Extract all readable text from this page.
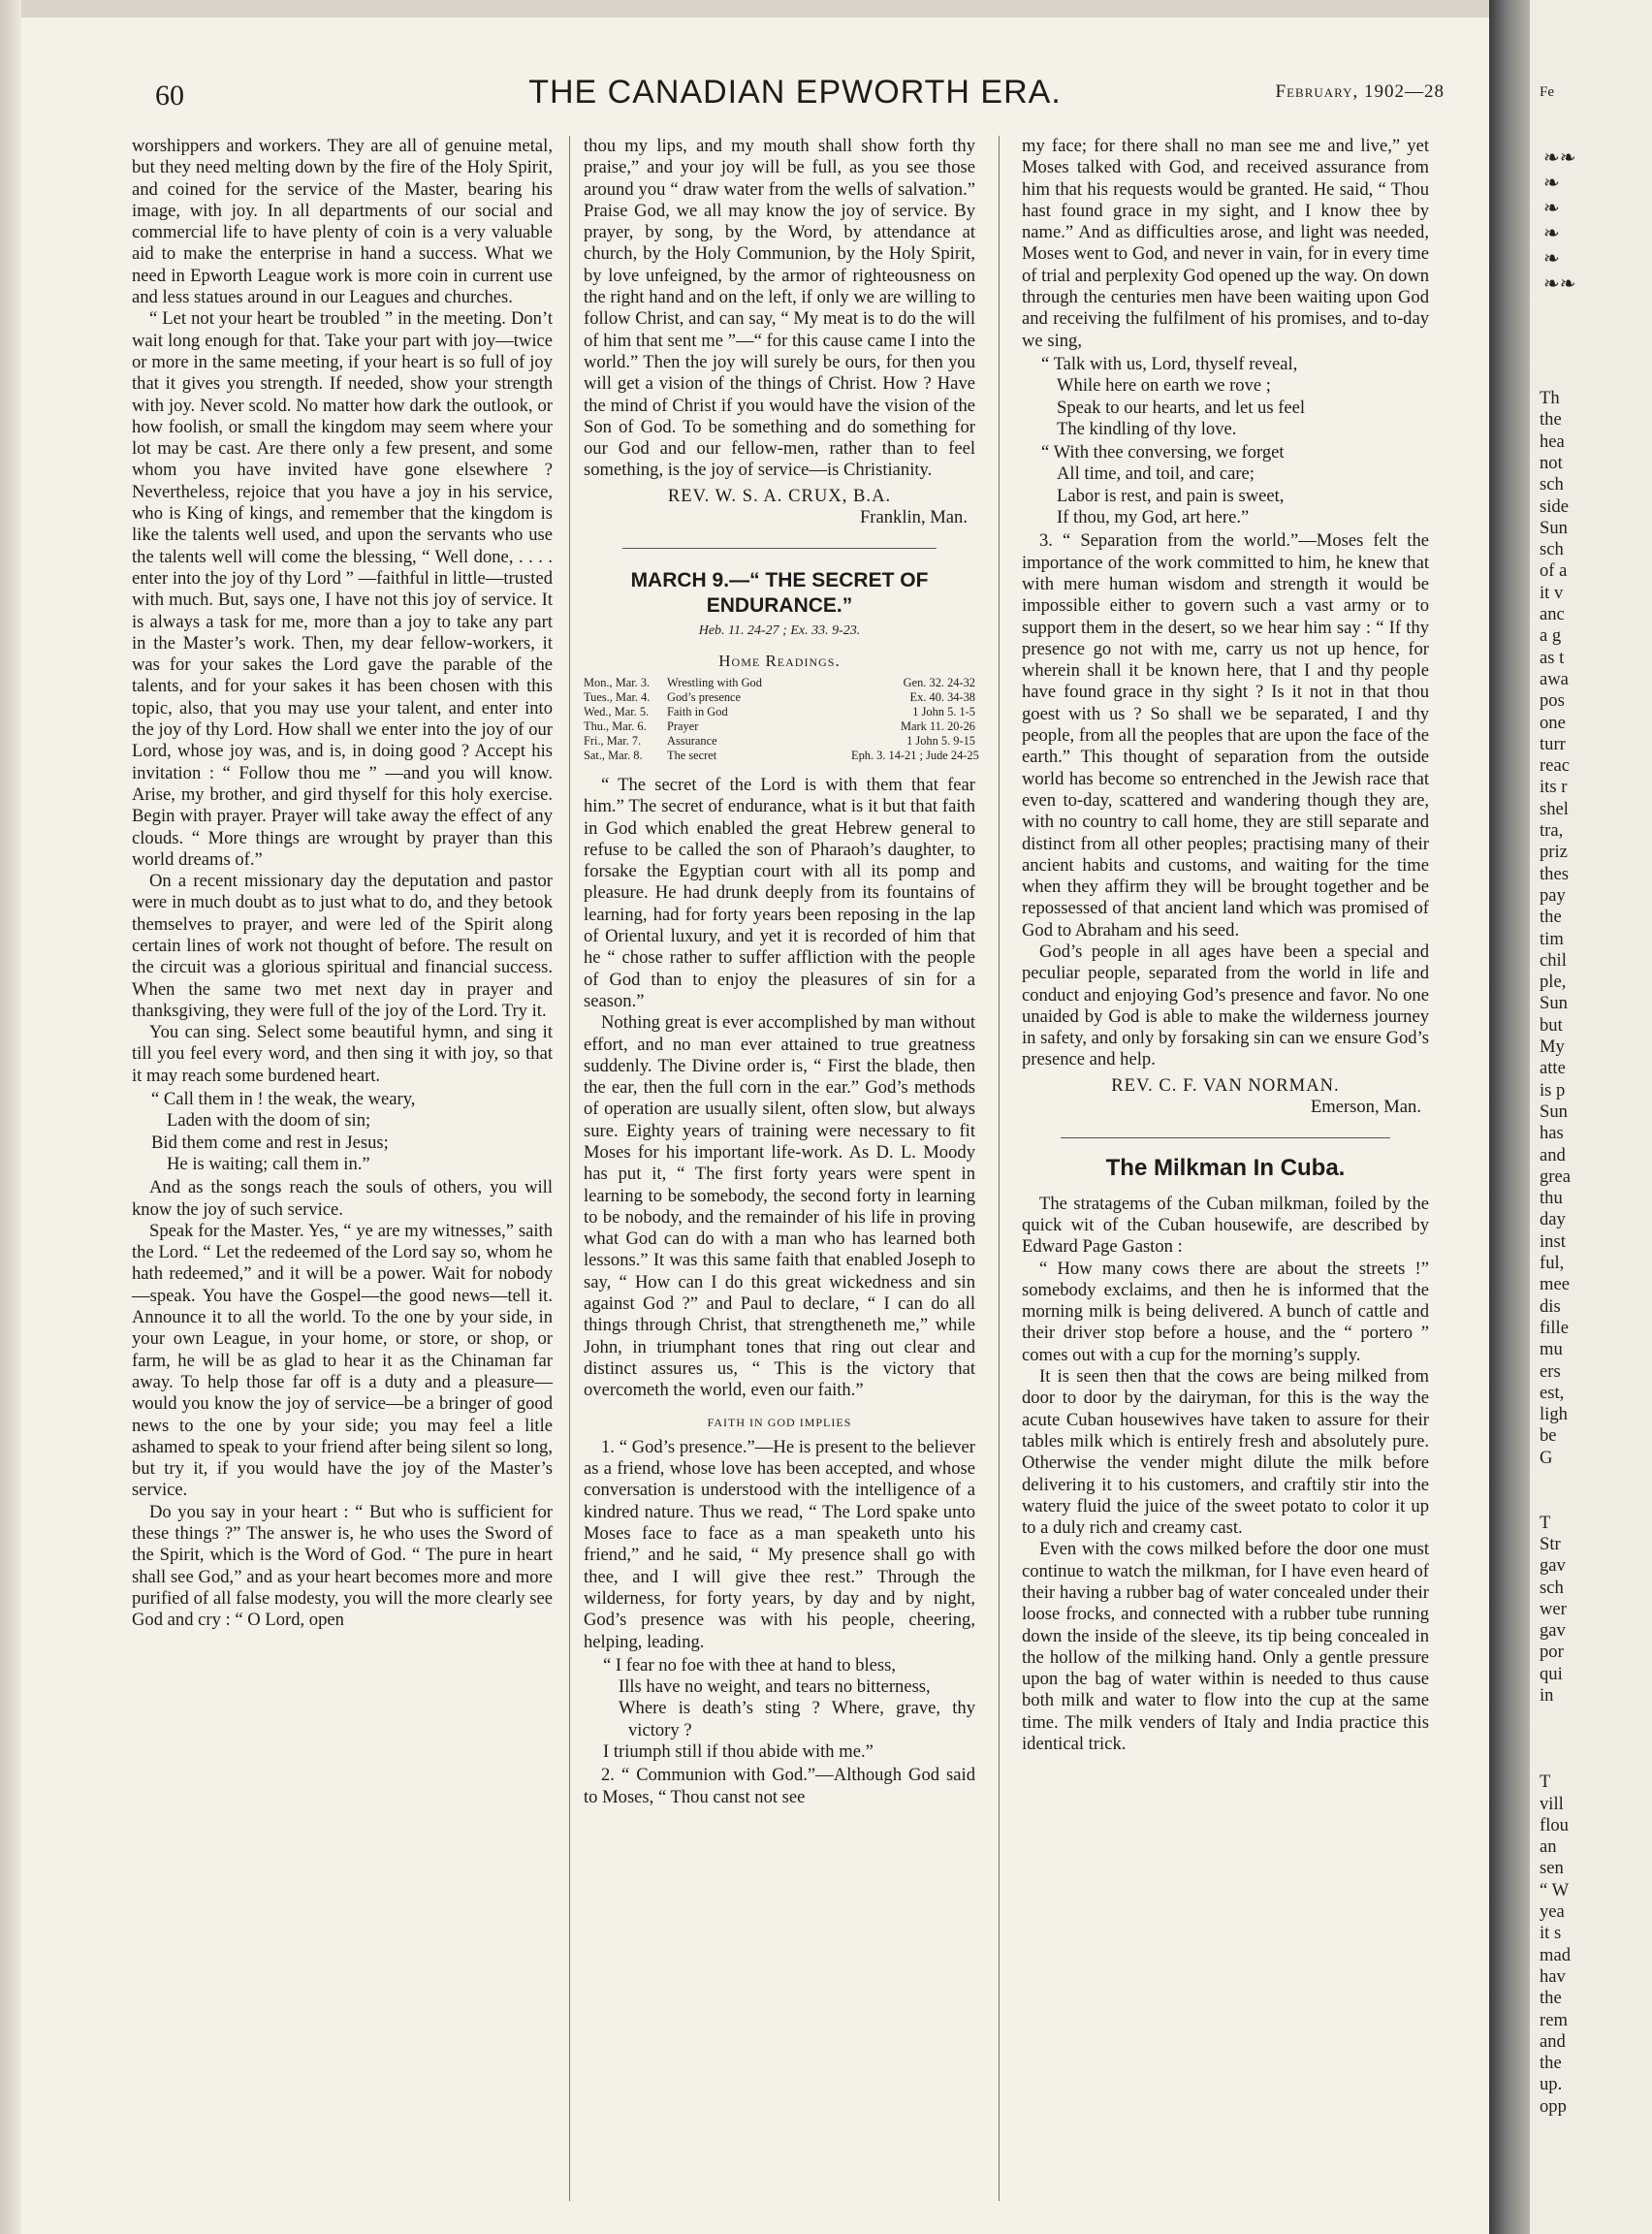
60	THE CANADIAN EPWORTH ERA.	February, 1902—28

worshippers and workers. They are all of genuine metal, but they need melting down by the fire of the Holy Spirit, and coined for the service of the Master, bearing his image, with joy. In all departments of our social and commercial life to have plenty of coin is a very valuable aid to make the enterprise in hand a success. What we need in Epworth League work is more coin in current use and less statues around in our Leagues and churches.

“ Let not your heart be troubled ” in the meeting. Don’t wait long enough for that. Take your part with joy—twice or more in the same meeting, if your heart is so full of joy that it gives you strength. If needed, show your strength with joy. Never scold. No matter how dark the outlook, or how foolish, or small the kingdom may seem where your lot may be cast. Are there only a few present, and some whom you have invited have gone elsewhere ? Nevertheless, rejoice that you have a joy in his service, who is King of kings, and remember that the kingdom is like the talents well used, and upon the servants who use the talents well will come the blessing, “ Well done, . . . . enter into the joy of thy Lord ” —faithful in little—trusted with much. But, says one, I have not this joy of service. It is always a task for me, more than a joy to take any part in the Master’s work. Then, my dear fellow-workers, it was for your sakes the Lord gave the parable of the talents, and for your sakes it has been chosen with this topic, also, that you may use your talent, and enter into the joy of thy Lord. How shall we enter into the joy of our Lord, whose joy was, and is, in doing good ? Accept his invitation : “ Follow thou me ” —and you will know. Arise, my brother, and gird thyself for this holy exercise. Begin with prayer. Prayer will take away the effect of any clouds. “ More things are wrought by prayer than this world dreams of.”

On a recent missionary day the deputation and pastor were in much doubt as to just what to do, and they betook themselves to prayer, and were led of the Spirit along certain lines of work not thought of before. The result on the circuit was a glorious spiritual and financial success. When the same two met next day in prayer and thanksgiving, they were full of the joy of the Lord. Try it.

You can sing. Select some beautiful hymn, and sing it till you feel every word, and then sing it with joy, so that it may reach some burdened heart.

“ Call them in ! the weak, the weary,
Laden with the doom of sin;
Bid them come and rest in Jesus;
He is waiting; call them in.”

And as the songs reach the souls of others, you will know the joy of such service.

Speak for the Master. Yes, “ ye are my witnesses,” saith the Lord. “ Let the redeemed of the Lord say so, whom he hath redeemed,” and it will be a power. Wait for nobody—speak. You have the Gospel—the good news—tell it. Announce it to all the world. To the one by your side, in your own League, in your home, or store, or shop, or farm, he will be as glad to hear it as the Chinaman far away. To help those far off is a duty and a pleasure—would you know the joy of service—be a bringer of good news to the one by your side; you may feel a litle ashamed to speak to your friend after being silent so long, but try it, if you would have the joy of the Master’s service.

Do you say in your heart : “ But who is sufficient for these things ?” The answer is, he who uses the Sword of the Spirit, which is the Word of God. “ The pure in heart shall see God,” and as your heart becomes more and more purified of all false modesty, you will the more clearly see God and cry : “ O Lord, open

thou my lips, and my mouth shall show forth thy praise,” and your joy will be full, as you see those around you “ draw water from the wells of salvation.” Praise God, we all may know the joy of service. By prayer, by song, by the Word, by attendance at church, by the Holy Communion, by the Holy Spirit, by love unfeigned, by the armor of righteousness on the right hand and on the left, if only we are willing to follow Christ, and can say, “ My meat is to do the will of him that sent me ”—“ for this cause came I into the world.” Then the joy will surely be ours, for then you will get a vision of the things of Christ. How ? Have the mind of Christ if you would have the vision of the Son of God. To be something and do something for our God and our fellow-men, rather than to feel something, is the joy of service—is Christianity.

REV. W. S. A. CRUX, B.A.
Franklin, Man.
MARCH 9.—“ THE SECRET OF ENDURANCE.”
Heb. 11. 24-27 ; Ex. 33. 9-23.
Home Readings.
Mon., Mar. 3.	Wrestling with God	Gen. 32. 24-32
Tues., Mar. 4.	God’s presence	Ex. 40. 34-38
Wed., Mar. 5.	Faith in God	1 John 5. 1-5
Thu., Mar. 6.	Prayer	Mark 11. 20-26
Fri., Mar. 7.	Assurance	1 John 5. 9-15
Sat., Mar. 8.	The secret	Eph. 3. 14-21 ; Jude 24-25

“ The secret of the Lord is with them that fear him.” The secret of endurance, what is it but that faith in God which enabled the great Hebrew general to refuse to be called the son of Pharaoh’s daughter, to forsake the Egyptian court with all its pomp and pleasure. He had drunk deeply from its fountains of learning, had for forty years been reposing in the lap of Oriental luxury, and yet it is recorded of him that he “ chose rather to suffer affliction with the people of God than to enjoy the pleasures of sin for a season.”

Nothing great is ever accomplished by man without effort, and no man ever attained to true greatness suddenly. The Divine order is, “ First the blade, then the ear, then the full corn in the ear.” God’s methods of operation are usually silent, often slow, but always sure. Eighty years of training were necessary to fit Moses for his important life-work. As D. L. Moody has put it, “ The first forty years were spent in learning to be somebody, the second forty in learning to be nobody, and the remainder of his life in proving what God can do with a man who has learned both lessons.” It was this same faith that enabled Joseph to say, “ How can I do this great wickedness and sin against God ?” and Paul to declare, “ I can do all things through Christ, that strengtheneth me,” while John, in triumphant tones that ring out clear and distinct assures us, “ This is the victory that overcometh the world, even our faith.”

FAITH IN GOD IMPLIES

1. “ God’s presence.”—He is present to the believer as a friend, whose love has been accepted, and whose conversation is understood with the intelligence of a kindred nature. Thus we read, “ The Lord spake unto Moses face to face as a man speaketh unto his friend,” and he said, “ My presence shall go with thee, and I will give thee rest.” Through the wilderness, for forty years, by day and by night, God’s presence was with his people, cheering, helping, leading.

“ I fear no foe with thee at hand to bless,
Ills have no weight, and tears no bitterness,
Where is death’s sting ? Where, grave, thy victory ?
I triumph still if thou abide with me.”

2. “ Communion with God.”—Although God said to Moses, “ Thou canst not see

my face; for there shall no man see me and live,” yet Moses talked with God, and received assurance from him that his requests would be granted. He said, “ Thou hast found grace in my sight, and I know thee by name.” And as difficulties arose, and light was needed, Moses went to God, and never in vain, for in every time of trial and perplexity God opened up the way. On down through the centuries men have been waiting upon God and receiving the fulfilment of his promises, and to-day we sing,

“ Talk with us, Lord, thyself reveal,
While here on earth we rove ;
Speak to our hearts, and let us feel
The kindling of thy love.
“ With thee conversing, we forget
All time, and toil, and care;
Labor is rest, and pain is sweet,
If thou, my God, art here.”

3. “ Separation from the world.”—Moses felt the importance of the work committed to him, he knew that with mere human wisdom and strength it would be impossible either to govern such a vast army or to support them in the desert, so we hear him say : “ If thy presence go not with me, carry us not up hence, for wherein shall it be known here, that I and thy people have found grace in thy sight ? Is it not in that thou goest with us ? So shall we be separated, I and thy people, from all the peoples that are upon the face of the earth.” This thought of separation from the outside world has become so entrenched in the Jewish race that even to-day, scattered and wandering though they are, with no country to call home, they are still separate and distinct from all other peoples; practising many of their ancient habits and customs, and waiting for the time when they affirm they will be brought together and be repossessed of that ancient land which was promised of God to Abraham and his seed.

God’s people in all ages have been a special and peculiar people, separated from the world in life and conduct and enjoying God’s presence and favor. No one unaided by God is able to make the wilderness journey in safety, and only by forsaking sin can we ensure God’s presence and help.

REV. C. F. VAN NORMAN.
Emerson, Man.
The Milkman In Cuba.

The stratagems of the Cuban milkman, foiled by the quick wit of the Cuban housewife, are described by Edward Page Gaston :

“ How many cows there are about the streets !” somebody exclaims, and then he is informed that the morning milk is being delivered. A bunch of cattle and their driver stop before a house, and the “ portero ” comes out with a cup for the morning’s supply.

It is seen then that the cows are being milked from door to door by the dairyman, for this is the way the acute Cuban housewives have taken to assure for their tables milk which is entirely fresh and absolutely pure. Otherwise the vender might dilute the milk before delivering it to his customers, and craftily stir into the watery fluid the juice of the sweet potato to color it up to a duly rich and creamy cast.

Even with the cows milked before the door one must continue to watch the milkman, for I have even heard of their having a rubber bag of water concealed under their loose frocks, and connected with a rubber tube running down the inside of the sleeve, its tip being concealed in the hollow of the milking hand. Only a gentle pressure upon the bag of water within is needed to thus cause both milk and water to flow into the cup at the same time. The milk venders of Italy and India practice this identical trick.

Fe
❧❧
❧
❧
❧
❧
❧❧
Th
the
hea
not
sch
side
Sun
sch
of a
it v
anc
a g
as t
awa
pos
one
turr
reac
its r
shel
tra,
priz
thes
pay
the
tim
chil
ple,
Sun
but
My
atte
is p
Sun
has
and
grea
thu
day
inst
ful,
mee
dis
fille
mu
ers
est,
ligh
be
G
T
Str
gav
sch
wer
gav
por
qui
in
T
vill
flou
an
sen
“ W
yea
it s
mad
hav
the
rem
and
the
up.
opp
